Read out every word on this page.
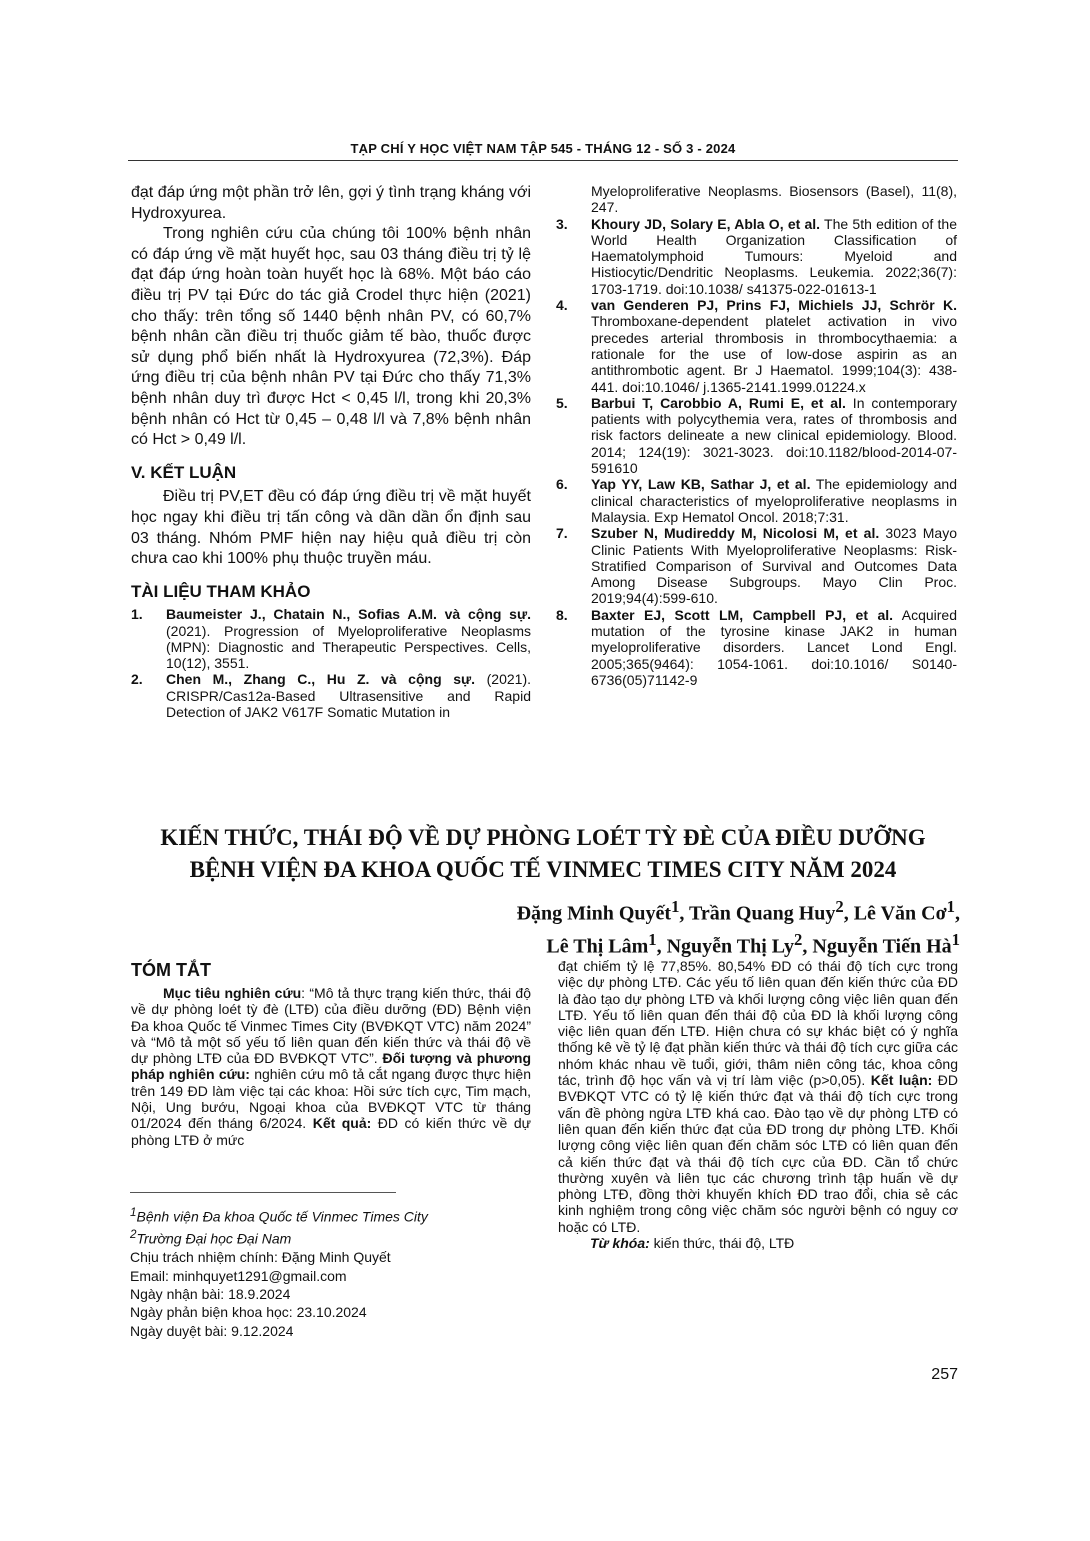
TẠP CHÍ Y HỌC VIỆT NAM TẬP 545 - THÁNG 12 - SỐ 3 - 2024

đạt đáp ứng một phần trở lên, gợi ý tình trạng kháng với Hydroxyurea.

Trong nghiên cứu của chúng tôi 100% bệnh nhân có đáp ứng về mặt huyết học, sau 03 tháng điều trị tỷ lệ đạt đáp ứng hoàn toàn huyết học là 68%. Một báo cáo điều trị PV tại Đức do tác giả Crodel thực hiện (2021) cho thấy: trên tổng số 1440 bệnh nhân PV, có 60,7% bệnh nhân cần điều trị thuốc giảm tế bào, thuốc được sử dụng phổ biến nhất là Hydroxyurea (72,3%). Đáp ứng điều trị của bệnh nhân PV tại Đức cho thấy 71,3% bệnh nhân duy trì được Hct < 0,45 l/l, trong khi 20,3% bệnh nhân có Hct từ 0,45 – 0,48 l/l và 7,8% bệnh nhân có Hct > 0,49 l/l.

V. KẾT LUẬN

Điều trị PV,ET đều có đáp ứng điều trị về mặt huyết học ngay khi điều trị tấn công và dần dần ổn định sau 03 tháng. Nhóm PMF hiện nay hiệu quả điều trị còn chưa cao khi 100% phụ thuộc truyền máu.

TÀI LIỆU THAM KHẢO
1. Baumeister J., Chatain N., Sofias A.M. và cộng sự. (2021). Progression of Myeloproliferative Neoplasms (MPN): Diagnostic and Therapeutic Perspectives. Cells, 10(12), 3551.
2. Chen M., Zhang C., Hu Z. và cộng sự. (2021). CRISPR/Cas12a-Based Ultrasensitive and Rapid Detection of JAK2 V617F Somatic Mutation in
Myeloproliferative Neoplasms. Biosensors (Basel), 11(8), 247.
3. Khoury JD, Solary E, Abla O, et al. The 5th edition of the World Health Organization Classification of Haematolymphoid Tumours: Myeloid and Histiocytic/Dendritic Neoplasms. Leukemia. 2022;36(7): 1703-1719. doi:10.1038/ s41375-022-01613-1
4. van Genderen PJ, Prins FJ, Michiels JJ, Schrör K. Thromboxane-dependent platelet activation in vivo precedes arterial thrombosis in thrombocythaemia: a rationale for the use of low-dose aspirin as an antithrombotic agent. Br J Haematol. 1999;104(3): 438-441. doi:10.1046/ j.1365-2141.1999.01224.x
5. Barbui T, Carobbio A, Rumi E, et al. In contemporary patients with polycythemia vera, rates of thrombosis and risk factors delineate a new clinical epidemiology. Blood. 2014; 124(19): 3021-3023. doi:10.1182/blood-2014-07-591610
6. Yap YY, Law KB, Sathar J, et al. The epidemiology and clinical characteristics of myeloproliferative neoplasms in Malaysia. Exp Hematol Oncol. 2018;7:31.
7. Szuber N, Mudireddy M, Nicolosi M, et al. 3023 Mayo Clinic Patients With Myeloproliferative Neoplasms: Risk-Stratified Comparison of Survival and Outcomes Data Among Disease Subgroups. Mayo Clin Proc. 2019;94(4):599-610.
8. Baxter EJ, Scott LM, Campbell PJ, et al. Acquired mutation of the tyrosine kinase JAK2 in human myeloproliferative disorders. Lancet Lond Engl. 2005;365(9464): 1054-1061. doi:10.1016/ S0140-6736(05)71142-9
KIẾN THỨC, THÁI ĐỘ VỀ DỰ PHÒNG LOÉT TỲ ĐÈ CỦA ĐIỀU DƯỠNG
BỆNH VIỆN ĐA KHOA QUỐC TẾ VINMEC TIMES CITY NĂM 2024
Đặng Minh Quyết$^1$, Trần Quang Huy$^2$, Lê Văn $Cơ^1$,
Lê Thị Lâm$^1$, Nguyễn Thị Ly$^2$, Nguyễn Tiến $Hà^1$
TÓM TẮT

Mục tiêu nghiên cứu: “Mô tả thực trạng kiến thức, thái độ về dự phòng loét tỳ đè (LTĐ) của điều dưỡng (ĐD) Bệnh viện Đa khoa Quốc tế Vinmec Times City (BVĐKQT VTC) năm 2024” và “Mô tả một số yếu tố liên quan đến kiến thức và thái độ về dự phòng LTĐ của ĐD BVĐKQT VTC”. Đối tượng và phương pháp nghiên cứu: nghiên cứu mô tả cắt ngang được thực hiện trên 149 ĐD làm việc tại các khoa: Hồi sức tích cực, Tim mạch, Nội, Ung bướu, Ngoại khoa của BVĐKQT VTC từ tháng 01/2024 đến tháng 6/2024. Kết quả: ĐD có kiến thức về dự phòng LTĐ ở mức

đạt chiếm tỷ lệ 77,85%. 80,54% ĐD có thái độ tích cực trong việc dự phòng LTĐ. Các yếu tố liên quan đến kiến thức của ĐD là đào tạo dự phòng LTĐ và khối lượng công việc liên quan đến LTĐ. Yếu tố liên quan đến thái độ của ĐD là khối lượng công việc liên quan đến LTĐ. Hiện chưa có sự khác biệt có ý nghĩa thống kê về tỷ lệ đạt phần kiến thức và thái độ tích cực giữa các nhóm khác nhau về tuổi, giới, thâm niên công tác, khoa công tác, trình độ học vấn và vị trí làm việc (p>0,05). Kết luận: ĐD BVĐKQT VTC có tỷ lệ kiến thức đạt và thái độ tích cực trong vấn đề phòng ngừa LTĐ khá cao. Đào tạo về dự phòng LTĐ có liên quan đến kiến thức đạt của ĐD trong dự phòng LTĐ. Khối lượng công việc liên quan đến chăm sóc LTĐ có liên quan đến cả kiến thức đạt và thái độ tích cực của ĐD. Cần tổ chức thường xuyên và liên tục các chương trình tập huấn về dự phòng LTĐ, đồng thời khuyến khích ĐD trao đổi, chia sẻ các kinh nghiệm trong công việc chăm sóc người bệnh có nguy cơ hoặc có LTĐ.

Từ khóa: kiến thức, thái độ, LTĐ

$^1$Bệnh viện Đa khoa Quốc tế Vinmec Times City
$^2$Trường Đại học Đại Nam
Chịu trách nhiệm chính: Đặng Minh Quyết
Email: minhquyet1291@gmail.com
Ngày nhận bài: 18.9.2024
Ngày phản biện khoa học: 23.10.2024
Ngày duyệt bài: 9.12.2024
257
